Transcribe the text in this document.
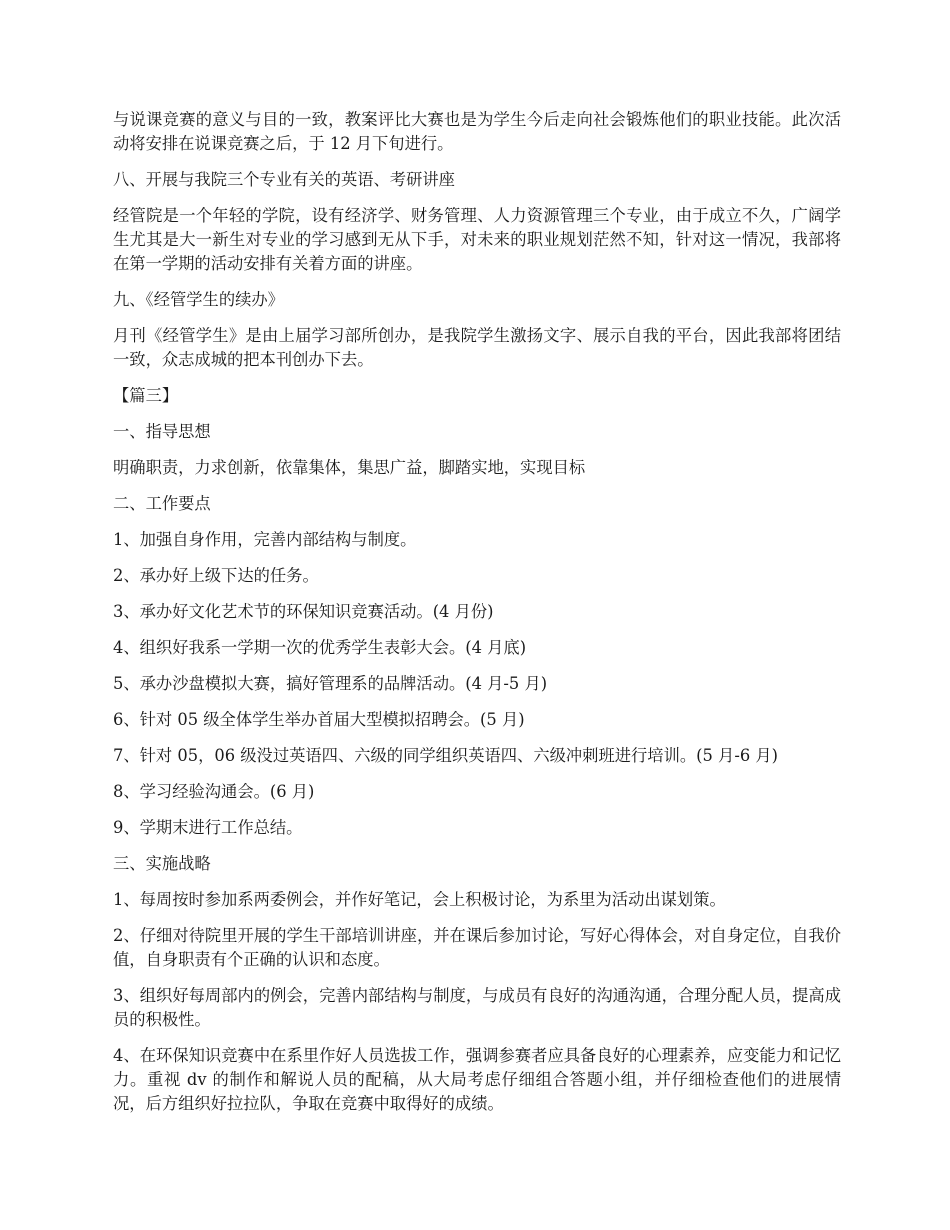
与说课竞赛的意义与目的一致，教案评比大赛也是为学生今后走向社会锻炼他们的职业技能。此次活动将安排在说课竞赛之后，于 12 月下旬进行。

八、开展与我院三个专业有关的英语、考研讲座

经管院是一个年轻的学院，设有经济学、财务管理、人力资源管理三个专业，由于成立不久，广阔学生尤其是大一新生对专业的学习感到无从下手，对未来的职业规划茫然不知，针对这一情况，我部将在第一学期的活动安排有关着方面的讲座。

九、《经管学生的续办》

月刊《经管学生》是由上届学习部所创办，是我院学生激扬文字、展示自我的平台，因此我部将团结一致，众志成城的把本刊创办下去。

【篇三】

一、指导思想

明确职责，力求创新，依靠集体，集思广益，脚踏实地，实现目标

二、工作要点

1、加强自身作用，完善内部结构与制度。

2、承办好上级下达的任务。

3、承办好文化艺术节的环保知识竞赛活动。(4 月份)

4、组织好我系一学期一次的优秀学生表彰大会。(4 月底)

5、承办沙盘模拟大赛，搞好管理系的品牌活动。(4 月-5 月)

6、针对 05 级全体学生举办首届大型模拟招聘会。(5 月)

7、针对 05，06 级没过英语四、六级的同学组织英语四、六级冲刺班进行培训。(5 月-6 月)

8、学习经验沟通会。(6 月)

9、学期末进行工作总结。

三、实施战略

1、每周按时参加系两委例会，并作好笔记，会上积极讨论，为系里为活动出谋划策。

2、仔细对待院里开展的学生干部培训讲座，并在课后参加讨论，写好心得体会，对自身定位，自我价值，自身职责有个正确的认识和态度。

3、组织好每周部内的例会，完善内部结构与制度，与成员有良好的沟通沟通，合理分配人员，提高成员的积极性。

4、在环保知识竞赛中在系里作好人员选拔工作，强调参赛者应具备良好的心理素养，应变能力和记忆力。重视 dv 的制作和解说人员的配稿，从大局考虑仔细组合答题小组，并仔细检查他们的进展情况，后方组织好拉拉队，争取在竞赛中取得好的成绩。
